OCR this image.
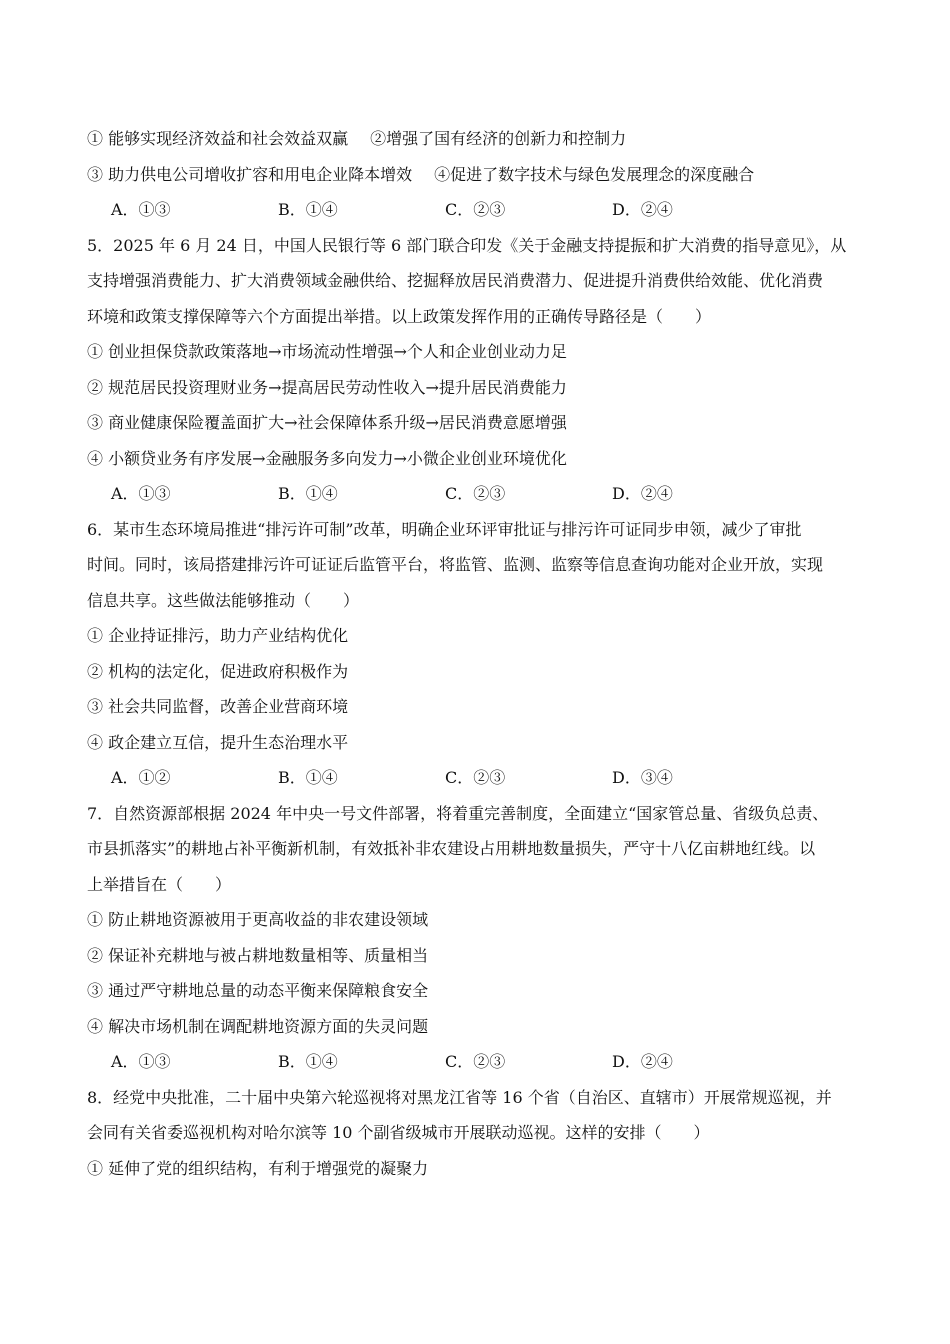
① 能够实现经济效益和社会效益双赢 ②增强了国有经济的创新力和控制力
③ 助力供电公司增收扩容和用电企业降本增效 ④促进了数字技术与绿色发展理念的深度融合
A．①③	B．①④	C．②③	D．②④
5．2025 年 6 月 24 日，中国人民银行等 6 部门联合印发《关于金融支持提振和扩大消费的指导意见》，从
支持增强消费能力、扩大消费领域金融供给、挖掘释放居民消费潜力、促进提升消费供给效能、优化消费
环境和政策支撑保障等六个方面提出举措。以上政策发挥作用的正确传导路径是（　　）
① 创业担保贷款政策落地→市场流动性增强→个人和企业创业动力足
② 规范居民投资理财业务→提高居民劳动性收入→提升居民消费能力
③ 商业健康保险覆盖面扩大→社会保障体系升级→居民消费意愿增强
④ 小额贷业务有序发展→金融服务多向发力→小微企业创业环境优化
A．①③	B．①④	C．②③	D．②④
6．某市生态环境局推进“排污许可制”改革，明确企业环评审批证与排污许可证同步申领，减少了审批
时间。同时，该局搭建排污许可证证后监管平台，将监管、监测、监察等信息查询功能对企业开放，实现
信息共享。这些做法能够推动（　　）
① 企业持证排污，助力产业结构优化
② 机构的法定化，促进政府积极作为
③ 社会共同监督，改善企业营商环境
④ 政企建立互信，提升生态治理水平
A．①②	B．①④	C．②③	D．③④
7．自然资源部根据 2024 年中央一号文件部署，将着重完善制度，全面建立“国家管总量、省级负总责、
市县抓落实”的耕地占补平衡新机制，有效抵补非农建设占用耕地数量损失，严守十八亿亩耕地红线。以
上举措旨在（　　）
① 防止耕地资源被用于更高收益的非农建设领域
② 保证补充耕地与被占耕地数量相等、质量相当
③ 通过严守耕地总量的动态平衡来保障粮食安全
④ 解决市场机制在调配耕地资源方面的失灵问题
A．①③	B．①④	C．②③	D．②④
8．经党中央批准，二十届中央第六轮巡视将对黑龙江省等 16 个省（自治区、直辖市）开展常规巡视，并
会同有关省委巡视机构对哈尔滨等 10 个副省级城市开展联动巡视。这样的安排（　　）
① 延伸了党的组织结构，有利于增强党的凝聚力
